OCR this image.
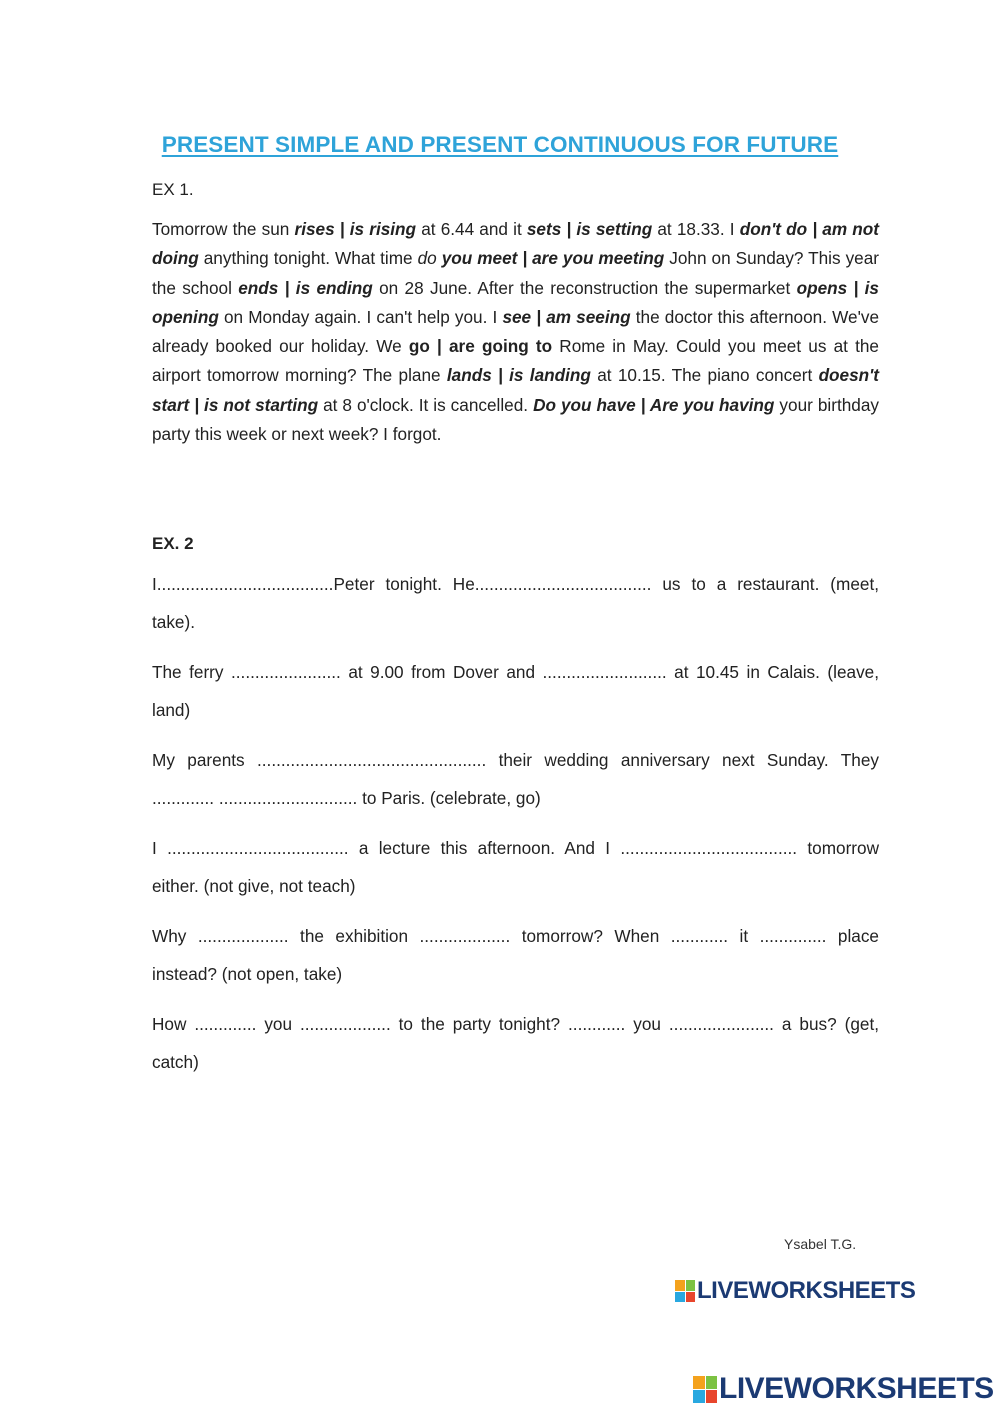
PRESENT SIMPLE AND PRESENT CONTINUOUS FOR FUTURE
EX 1.

Tomorrow the sun rises | is rising at 6.44 and it sets | is setting at 18.33. I don't do | am not doing anything tonight. What time do you meet | are you meeting John on Sunday? This year the school ends | is ending on 28 June. After the reconstruction the supermarket opens | is opening on Monday again. I can't help you. I see | am seeing the doctor this afternoon. We've already booked our holiday. We go | are going to Rome in May. Could you meet us at the airport tomorrow morning? The plane lands | is landing at 10.15. The piano concert doesn't start | is not starting at 8 o'clock. It is cancelled. Do you have | Are you having your birthday party this week or next week? I forgot.

EX. 2

I.....................................Peter tonight. He..................................... us to a restaurant. (meet, take).

The ferry ....................... at 9.00 from Dover and .......................... at 10.45 in Calais. (leave, land)

My parents ................................................ their wedding anniversary next Sunday. They ............. ............................. to Paris. (celebrate, go)

I ...................................... a lecture this afternoon. And I ..................................... tomorrow either. (not give, not teach)

Why ................... the exhibition ................... tomorrow? When ............ it .............. place instead? (not open, take)

How ............. you ................... to the party tonight? ............ you ...................... a bus? (get, catch)

Ysabel T.G.
LIVEWORKSHEETS
LIVEWORKSHEETS
